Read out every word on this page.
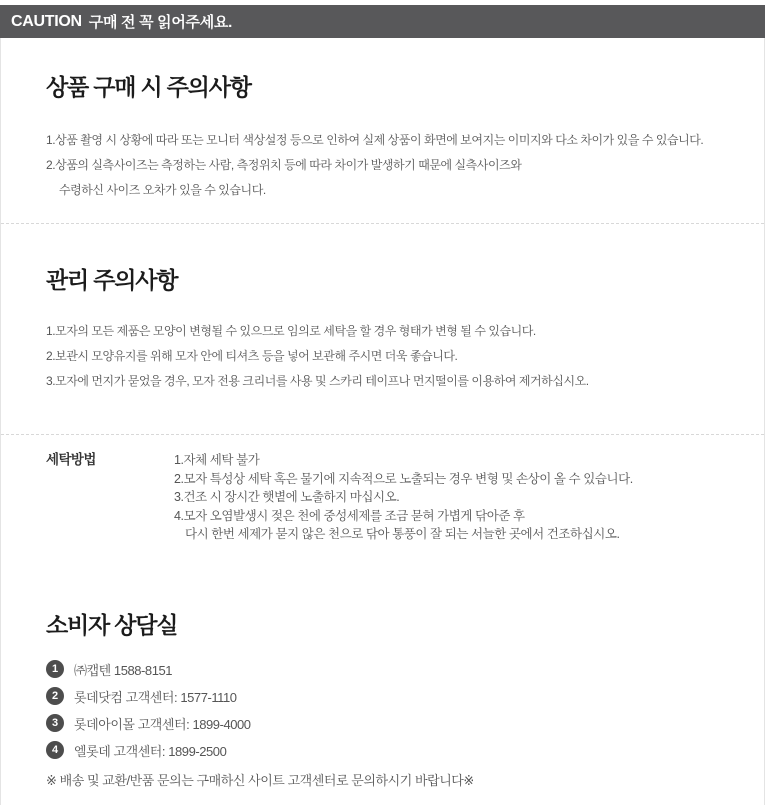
CAUTION 구매 전 꼭 읽어주세요.
상품 구매 시 주의사항

1.상품 촬영 시 상황에 따라 또는 모니터 색상설정 등으로 인하여 실제 상품이 화면에 보여지는 이미지와 다소 차이가 있을 수 있습니다.

2.상품의 실측사이즈는 측정하는 사람, 측정위치 등에 따라 차이가 발생하기 때문에 실측사이즈와

수령하신 사이즈 오차가 있을 수 있습니다.

관리 주의사항

1.모자의 모든 제품은 모양이 변형될 수 있으므로 임의로 세탁을 할 경우 형태가 변형 될 수 있습니다.

2.보관시 모양유지를 위해 모자 안에 티셔츠 등을 넣어 보관해 주시면 더욱 좋습니다.

3.모자에 먼지가 묻었을 경우, 모자 전용 크리너를 사용 및 스카리 테이프나 먼지떨이를 이용하여 제거하십시오.

세탁방법	1.자체 세탁 불가

2.모자 특성상 세탁 혹은 물기에 지속적으로 노출되는 경우 변형 및 손상이 올 수 있습니다.

3.건조 시 장시간 햇볕에 노출하지 마십시오.

4.모자 오염발생시 젖은 천에 중성세제를 조금 묻혀 가볍게 닦아준 후

다시 한번 세제가 묻지 않은 천으로 닦아 통풍이 잘 되는 서늘한 곳에서 건조하십시오.

소비자 상담실
1	㈜캡텐 1588-8151
2	롯데닷컴 고객센터: 1577-1110
3	롯데아이몰 고객센터: 1899-4000
4	엘롯데 고객센터: 1899-2500

※ 배송 및 교환/반품 문의는 구매하신 사이트 고객센터로 문의하시기 바랍니다※
